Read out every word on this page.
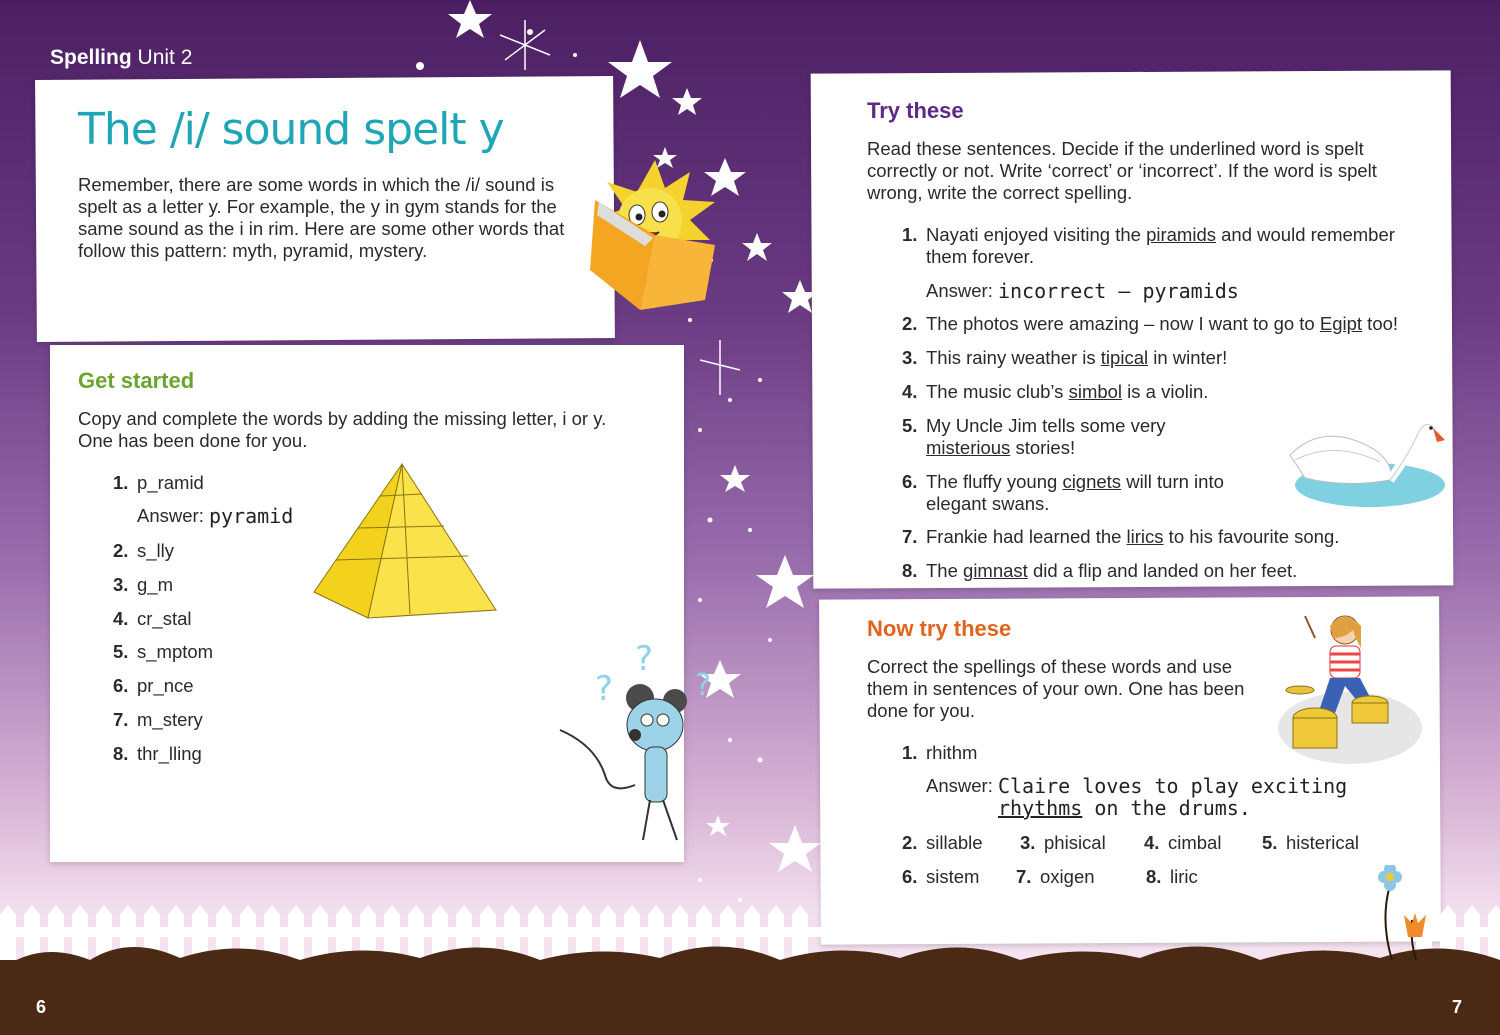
Spelling Unit 2
The /i/ sound spelt y
Remember, there are some words in which the /i/ sound is spelt as a letter y. For example, the y in gym stands for the same sound as the i in rim. Here are some other words that follow this pattern: myth, pyramid, mystery.
Get started
Copy and complete the words by adding the missing letter, i or y. One has been done for you.
1. p_ramid
Answer:
pyramid
2. s_lly
3. g_m
4. cr_stal
5. s_mptom
6. pr_nce
7. m_stery
8. thr_lling
?
?	?
Try these
Read these sentences. Decide if the underlined word is spelt correctly or not. Write ‘correct’ or ‘incorrect’. If the word is spelt wrong, write the correct spelling.
1. Nayati enjoyed visiting the piramids and would remember them forever.
Answer:
incorrect – pyramids
2. The photos were amazing – now I want to go to Egipt too!
3. This rainy weather is tipical in winter!
4. The music club’s simbol is a violin.
5. My Uncle Jim tells some very misterious stories!
6. The fluffy young cignets will turn into elegant swans.
7. Frankie had learned the lirics to his favourite song.
8. The gimnast did a flip and landed on her feet.
Now try these
Correct the spellings of these words and use them in sentences of your own. One has been done for you.
1. rhithm
Answer:
Claire loves to play exciting
rhythms on the drums.
2. sillable 3. phisical 4. cimbal 5. histerical
6. sistem 7. oxigen	8. liric
6	7
